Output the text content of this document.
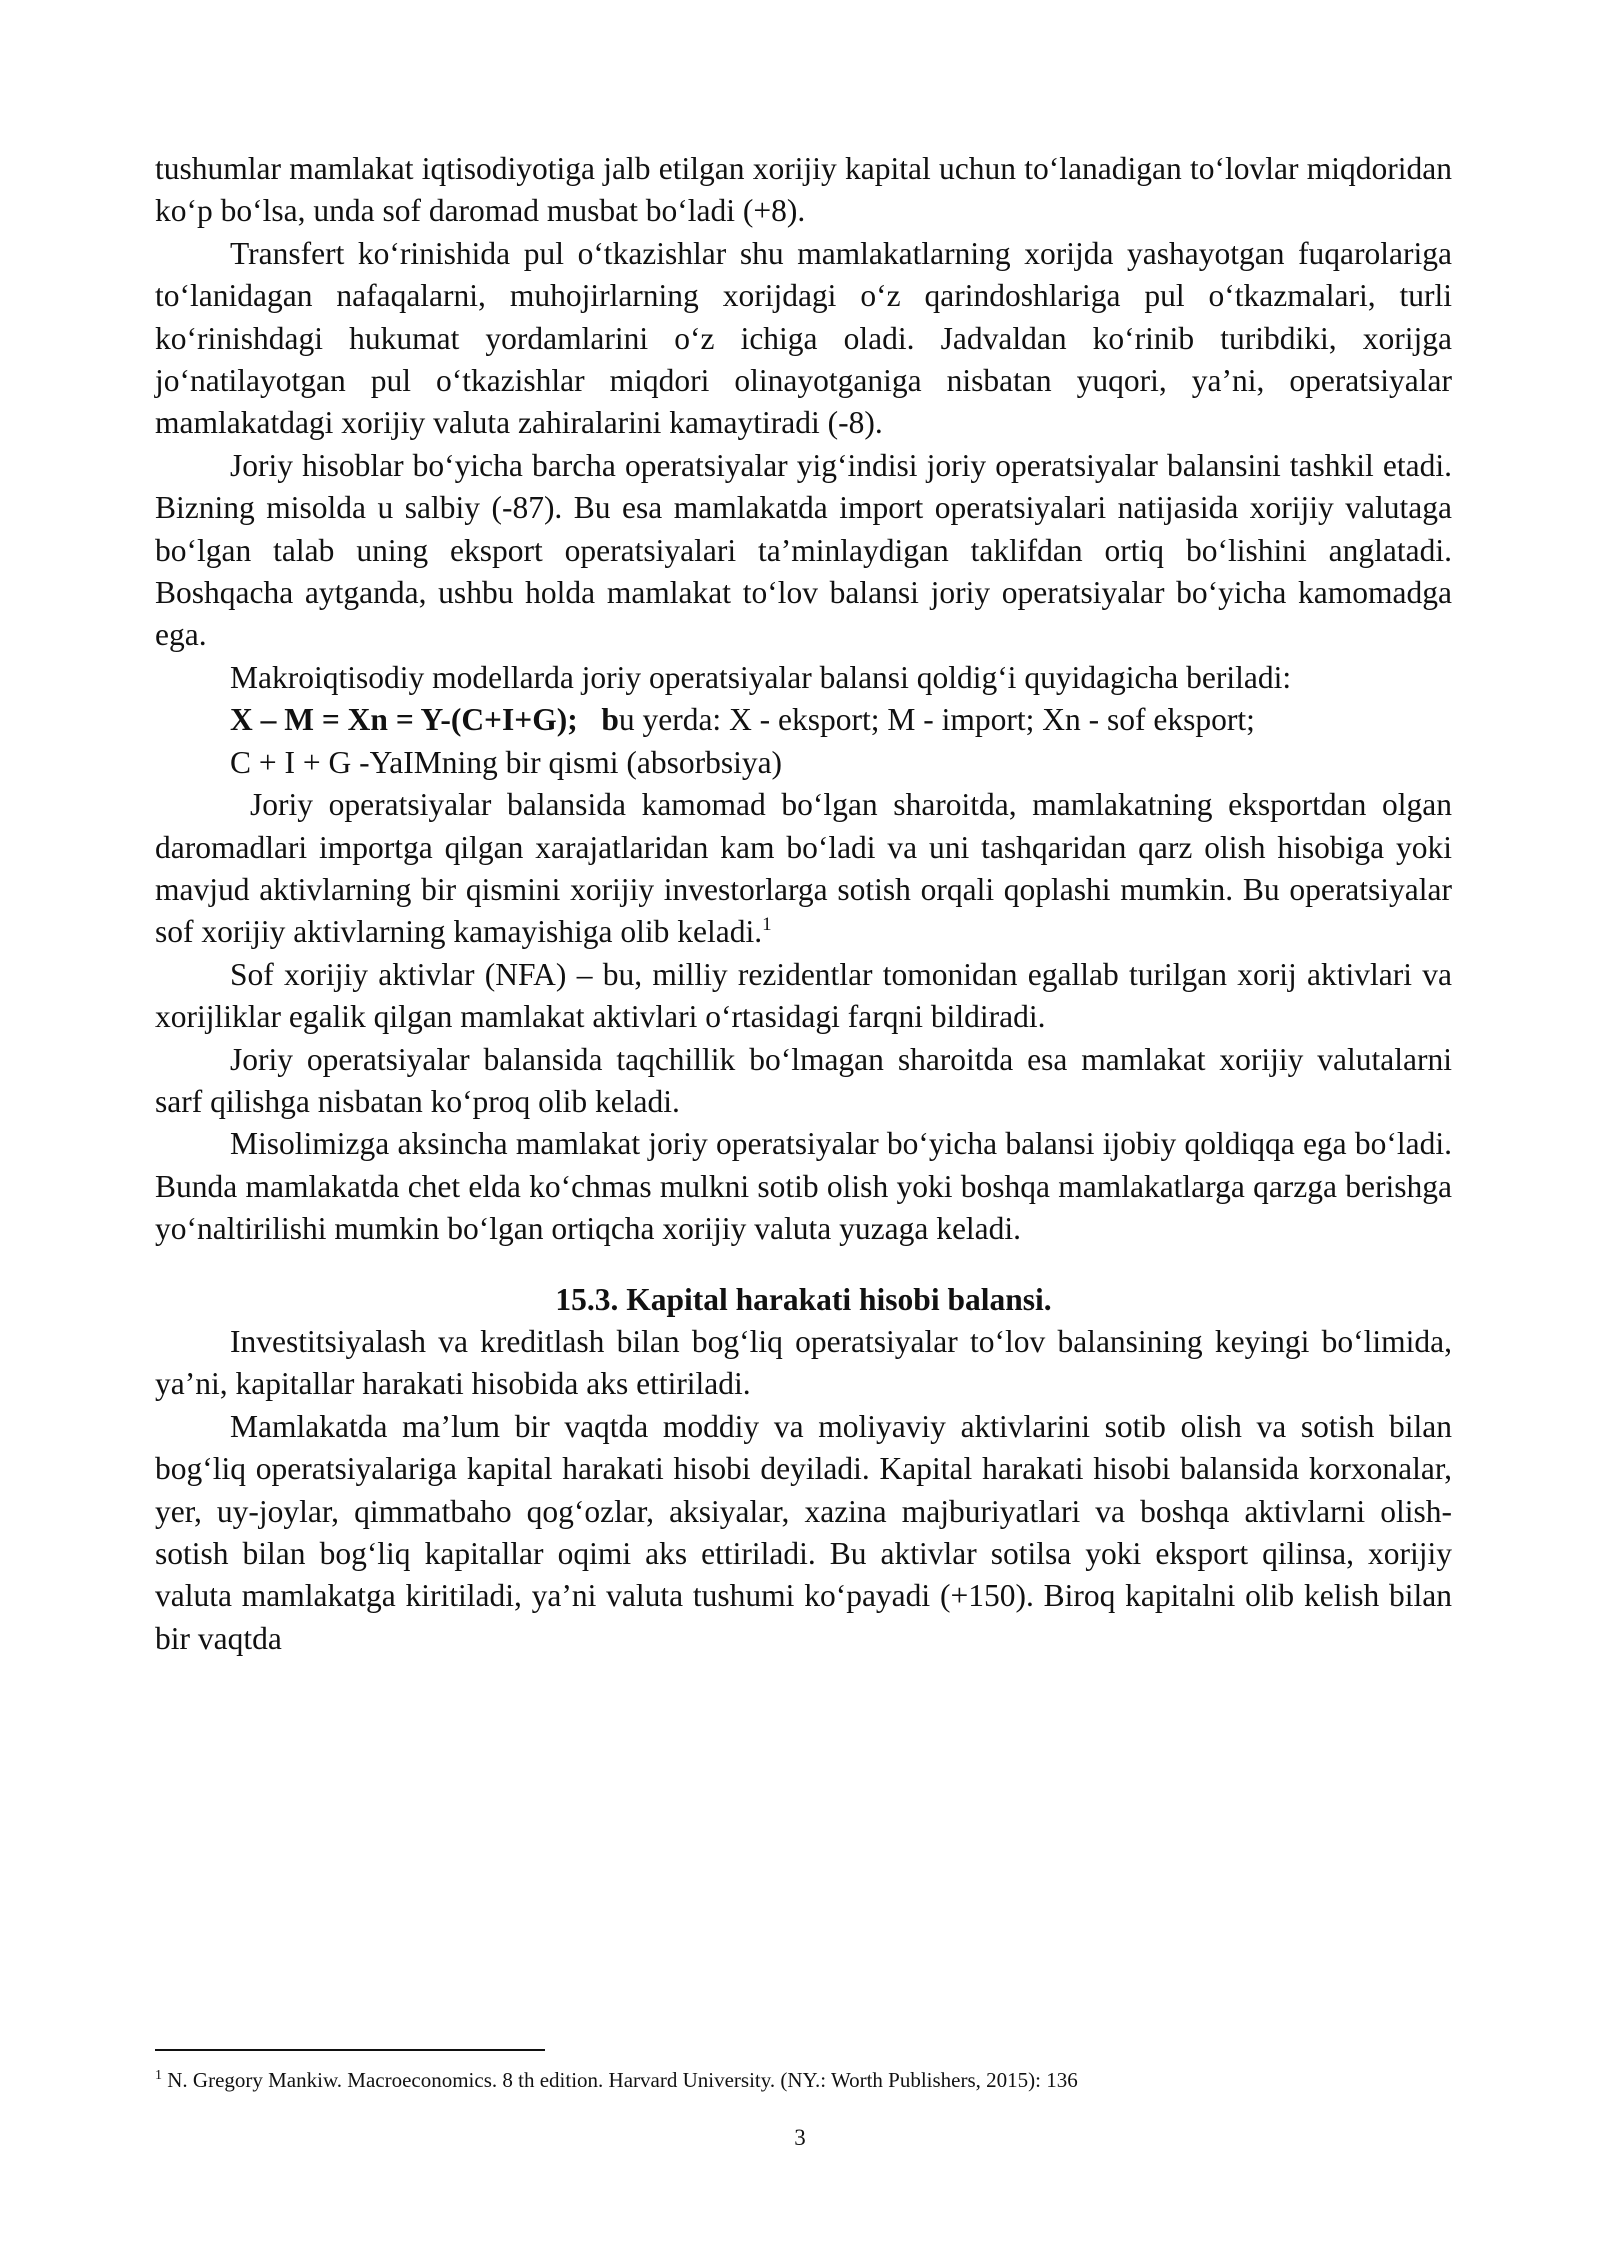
tushumlar mamlakat iqtisodiyotiga jalb etilgan xorijiy kapital uchun to‘lanadigan to‘lovlar miqdoridan ko‘p bo‘lsa, unda sof daromad musbat bo‘ladi (+8).

Transfert ko‘rinishida pul o‘tkazishlar shu mamlakatlarning xorijda yashayotgan fuqarolariga to‘lanidagan nafaqalarni, muhojirlarning xorijdagi o‘z qarindoshlariga pul o‘tkazmalari, turli ko‘rinishdagi hukumat yordamlarini o‘z ichiga oladi. Jadvaldan ko‘rinib turibdiki, xorijga jo‘natilayotgan pul o‘tkazishlar miqdori olinayotganiga nisbatan yuqori, ya’ni, operatsiyalar mamlakatdagi xorijiy valuta zahiralarini kamaytiradi (-8).

Joriy hisoblar bo‘yicha barcha operatsiyalar yig‘indisi joriy operatsiyalar balansini tashkil etadi. Bizning misolda u salbiy (-87). Bu esa mamlakatda import operatsiyalari natijasida xorijiy valutaga bo‘lgan talab uning eksport operatsiyalari ta’minlaydigan taklifdan ortiq bo‘lishini anglatadi. Boshqacha aytganda, ushbu holda mamlakat to‘lov balansi joriy operatsiyalar bo‘yicha kamomadga ega.

Makroiqtisodiy modellarda joriy operatsiyalar balansi qoldig‘i quyidagicha beriladi:

X – M = Xn = Y-(C+I+G); bu yerda: X - eksport; M - import; Xn - sof eksport;

C + I + G -YaIMning bir qismi (absorbsiya)

Joriy operatsiyalar balansida kamomad bo‘lgan sharoitda, mamlakatning eksportdan olgan daromadlari importga qilgan xarajatlaridan kam bo‘ladi va uni tashqaridan qarz olish hisobiga yoki mavjud aktivlarning bir qismini xorijiy investorlarga sotish orqali qoplashi mumkin. Bu operatsiyalar sof xorijiy aktivlarning kamayishiga olib keladi.$^1$

Sof xorijiy aktivlar (NFA) – bu, milliy rezidentlar tomonidan egallab turilgan xorij aktivlari va xorijliklar egalik qilgan mamlakat aktivlari o‘rtasidagi farqni bildiradi.

Joriy operatsiyalar balansida taqchillik bo‘lmagan sharoitda esa mamlakat xorijiy valutalarni sarf qilishga nisbatan ko‘proq olib keladi.

Misolimizga aksincha mamlakat joriy operatsiyalar bo‘yicha balansi ijobiy qoldiqqa ega bo‘ladi. Bunda mamlakatda chet elda ko‘chmas mulkni sotib olish yoki boshqa mamlakatlarga qarzga berishga yo‘naltirilishi mumkin bo‘lgan ortiqcha xorijiy valuta yuzaga keladi.

15.3. Kapital harakati hisobi balansi.

Investitsiyalash va kreditlash bilan bog‘liq operatsiyalar to‘lov balansining keyingi bo‘limida, ya’ni, kapitallar harakati hisobida aks ettiriladi.

Mamlakatda ma’lum bir vaqtda moddiy va moliyaviy aktivlarini sotib olish va sotish bilan bog‘liq operatsiyalariga kapital harakati hisobi deyiladi. Kapital harakati hisobi balansida korxonalar, yer, uy-joylar, qimmatbaho qog‘ozlar, aksiyalar, xazina majburiyatlari va boshqa aktivlarni olish-sotish bilan bog‘liq kapitallar oqimi aks ettiriladi. Bu aktivlar sotilsa yoki eksport qilinsa, xorijiy valuta mamlakatga kiritiladi, ya’ni valuta tushumi ko‘payadi (+150). Biroq kapitalni olib kelish bilan bir vaqtda

$^1$ N. Gregory Mankiw. Macroeconomics. 8 th edition. Harvard University. (NY.: Worth Publishers, 2015): 136
3
